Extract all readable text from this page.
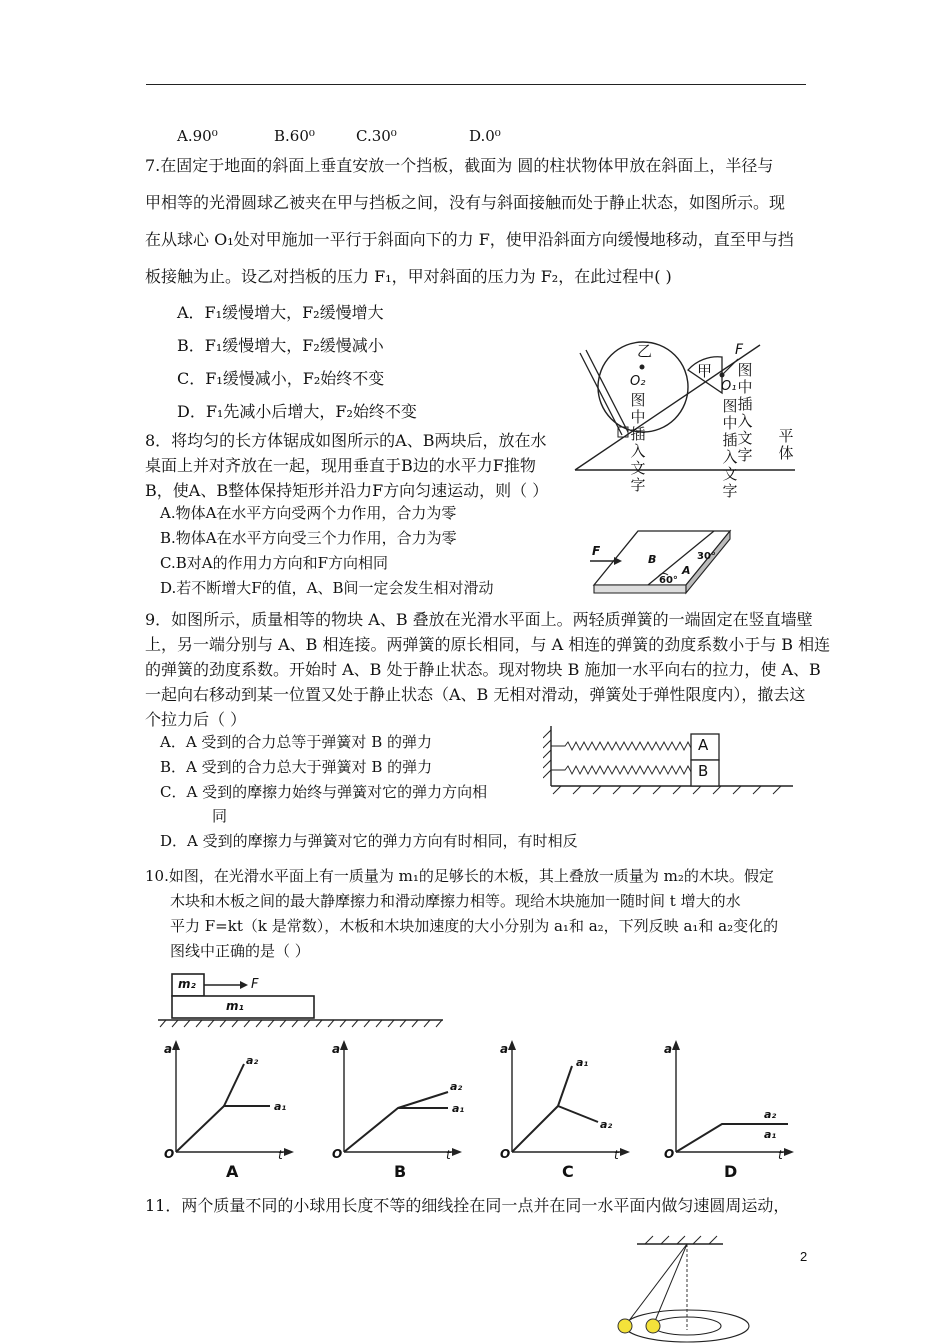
A.90⁰	B.60⁰	C.30⁰	D.0⁰
7.在固定于地面的斜面上垂直安放一个挡板，截面为 圆的柱状物体甲放在斜面上，半径与
甲相等的光滑圆球乙被夹在甲与挡板之间，没有与斜面接触而处于静止状态，如图所示。现
在从球心 O₁处对甲施加一平行于斜面向下的力 F，使甲沿斜面方向缓慢地移动，直至甲与挡
板接触为止。设乙对挡板的压力 F₁，甲对斜面的压力为 F₂，在此过程中( )
A．F₁缓慢增大，F₂缓慢增大
B．F₁缓慢增大，F₂缓慢减小
C．F₁缓慢减小，F₂始终不变
D．F₁先减小后增大，F₂始终不变
乙
O₂
甲
F
O₁
图中插入文字
图中插入文字
图中插入文字
平体
8．将均匀的长方体锯成如图所示的A、B两块后，放在水
桌面上并对齐放在一起，现用垂直于B边的水平力F推物
B，使A、B整体保持矩形并沿力F方向匀速运动，则（ ）
A.物体A在水平方向受两个力作用，合力为零
B.物体A在水平方向受三个力作用，合力为零
C.B对A的作用力方向和F方向相同
D.若不断增大F的值，A、B间一定会发生相对滑动
F
B
A
30°
60°
9．如图所示，质量相等的物块 A、B 叠放在光滑水平面上。两轻质弹簧的一端固定在竖直墙壁
上，另一端分别与 A、B 相连接。两弹簧的原长相同，与 A 相连的弹簧的劲度系数小于与 B 相连
的弹簧的劲度系数。开始时 A、B 处于静止状态。现对物块 B 施加一水平向右的拉力，使 A、B
一起向右移动到某一位置又处于静止状态（A、B 无相对滑动，弹簧处于弹性限度内），撤去这
个拉力后（ ）
A．A 受到的合力总等于弹簧对 B 的弹力
B．A 受到的合力总大于弹簧对 B 的弹力
C．A 受到的摩擦力始终与弹簧对它的弹力方向相
同
D．A 受到的摩擦力与弹簧对它的弹力方向有时相同，有时相反
A
B
10.如图，在光滑水平面上有一质量为 m₁的足够长的木板，其上叠放一质量为 m₂的木块。假定
木块和木板之间的最大静摩擦力和滑动摩擦力相等。现给木块施加一随时间 t 增大的水
平力 F=kt（k 是常数），木板和木块加速度的大小分别为 a₁和 a₂，下列反映 a₁和 a₂变化的
图线中正确的是（ ）
m₂
m₁
F
a
O	t
a₂
a₁
A
a
O	t
a₂
a₁
B
a
O	t
a₁
a₂
C
a
O	t
a₂
a₁
D
11．两个质量不同的小球用长度不等的细线拴在同一点并在同一水平面内做匀速圆周运动，
2
